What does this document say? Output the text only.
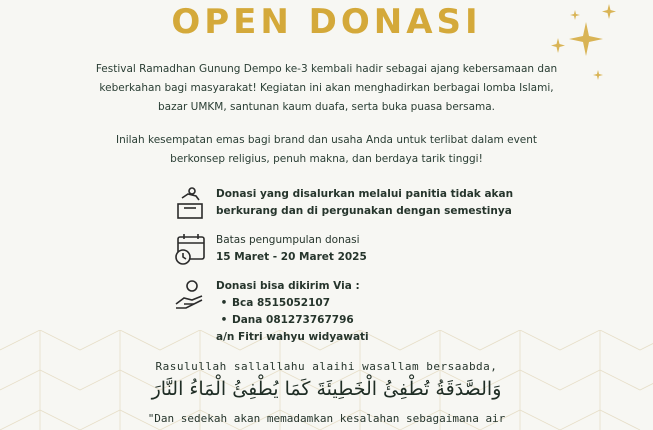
OPEN DONASI

Festival Ramadhan Gunung Dempo ke-3 kembali hadir sebagai ajang kebersamaan dan keberkahan bagi masyarakat! Kegiatan ini akan menghadirkan berbagai lomba Islami, bazar UMKM, santunan kaum duafa, serta buka puasa bersama.

Inilah kesempatan emas bagi brand dan usaha Anda untuk terlibat dalam event berkonsep religius, penuh makna, dan berdaya tarik tinggi!

Donasi yang disalurkan melalui panitia tidak akan berkurang dan di pergunakan dengan semestinya
Batas pengumpulan donasi
15 Maret - 20 Maret 2025
Donasi bisa dikirim Via :
• Bca 8515052107
• Dana 081273767796
a/n Fitri wahyu widyawati
Rasulullah sallallahu alaihi wasallam bersaabda,
وَالصَّدَقَةُ تُطْفِئُ الْخَطِيئَةَ كَمَا يُطْفِئُ الْمَاءُ النَّارَ
"Dan sedekah akan memadamkan kesalahan sebagaimana air
